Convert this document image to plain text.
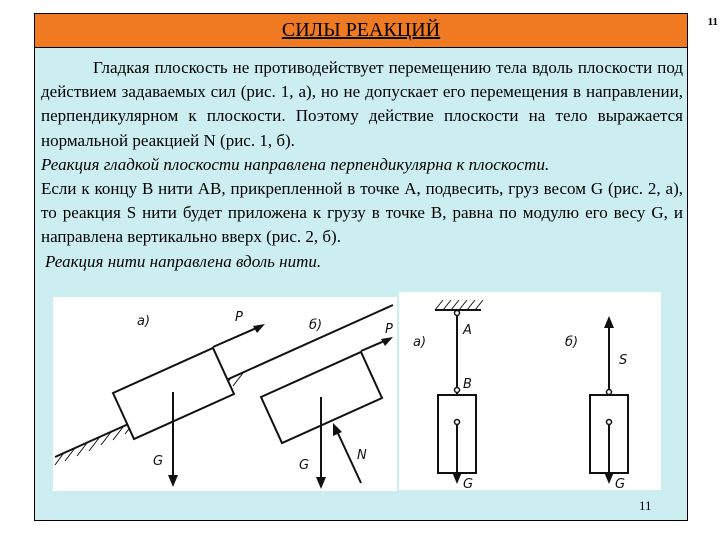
11
СИЛЫ РЕАКЦИЙ

Гладкая плоскость не противодействует перемещению тела вдоль плоскости под действием задаваемых сил (рис. 1, а), но не допускает его перемещения в направлении, перпендикулярном к плоскости. Поэтому действие плоскости на тело выражается нормальной реакцией N (рис. 1, б).

Реакция гладкой плоскости направлена перпендикулярна к плоскости.

Если к концу B нити AB, прикрепленной в точке A, подвесить, груз весом G (рис. 2, а), то реакция S нити будет приложена к грузу в точке B, равна по модулю его весу G, и направлена вертикально вверх (рис. 2, б).

Реакция нити направлена вдоль нити.

a)	P
G
б)	P
G
N
a)
A
B
G
б)
S
G
11
